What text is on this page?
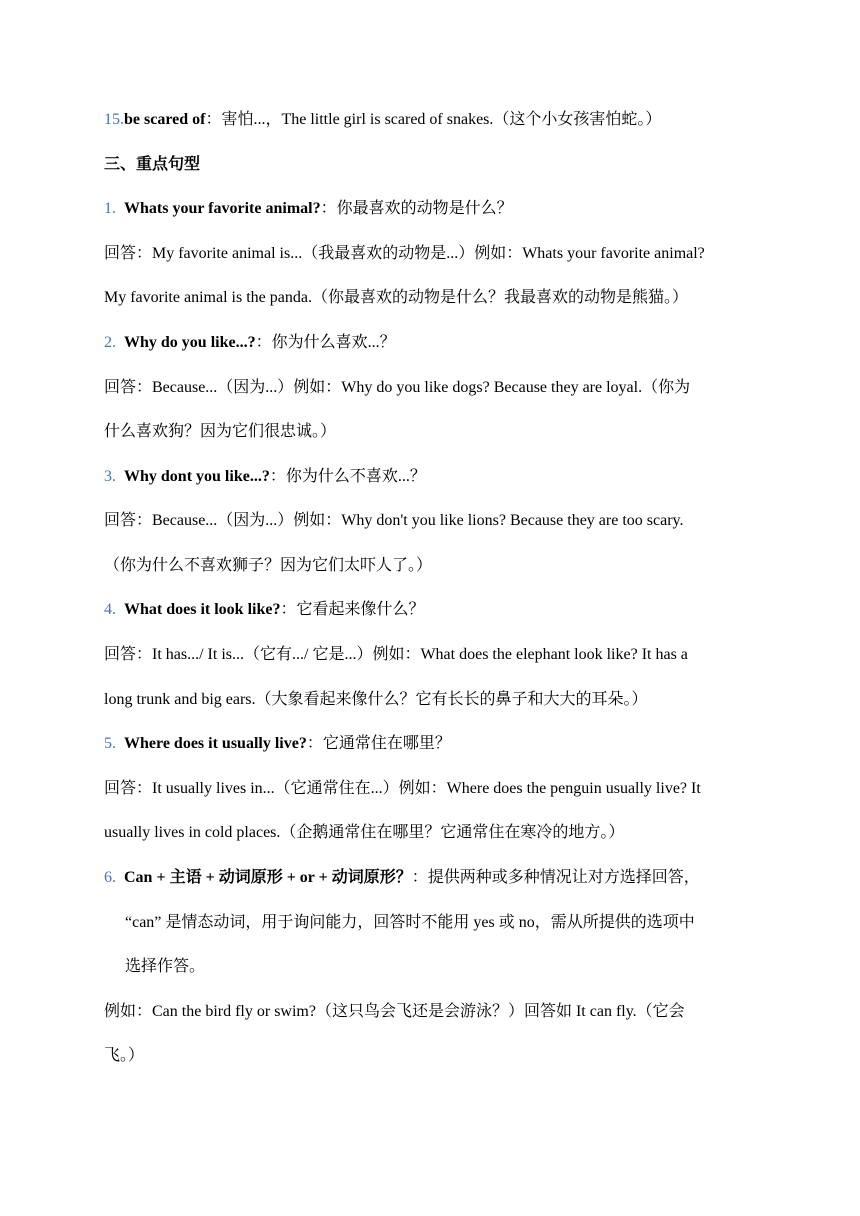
15.be scared of：害怕...，The little girl is scared of snakes.（这个小女孩害怕蛇。）
三、重点句型
1. Whats your favorite animal?：你最喜欢的动物是什么？
回答：My favorite animal is...（我最喜欢的动物是...）例如：Whats your favorite animal?
My favorite animal is the panda.（你最喜欢的动物是什么？我最喜欢的动物是熊猫。）
2. Why do you like...?：你为什么喜欢...？
回答：Because...（因为...）例如：Why do you like dogs? Because they are loyal.（你为
什么喜欢狗？因为它们很忠诚。）
3. Why dont you like...?：你为什么不喜欢...？
回答：Because...（因为...）例如：Why don't you like lions? Because they are too scary.
（你为什么不喜欢狮子？因为它们太吓人了。）
4. What does it look like?：它看起来像什么？
回答：It has.../ It is...（它有.../ 它是...）例如：What does the elephant look like? It has a
long trunk and big ears.（大象看起来像什么？它有长长的鼻子和大大的耳朵。）
5. Where does it usually live?：它通常住在哪里？
回答：It usually lives in...（它通常住在...）例如：Where does the penguin usually live? It
usually lives in cold places.（企鹅通常住在哪里？它通常住在寒冷的地方。）
6. Can + 主语 + 动词原形 + or + 动词原形？：提供两种或多种情况让对方选择回答，
“can” 是情态动词，用于询问能力，回答时不能用 yes 或 no，需从所提供的选项中
选择作答。
例如：Can the bird fly or swim?（这只鸟会飞还是会游泳？）回答如 It can fly.（它会
飞。）
